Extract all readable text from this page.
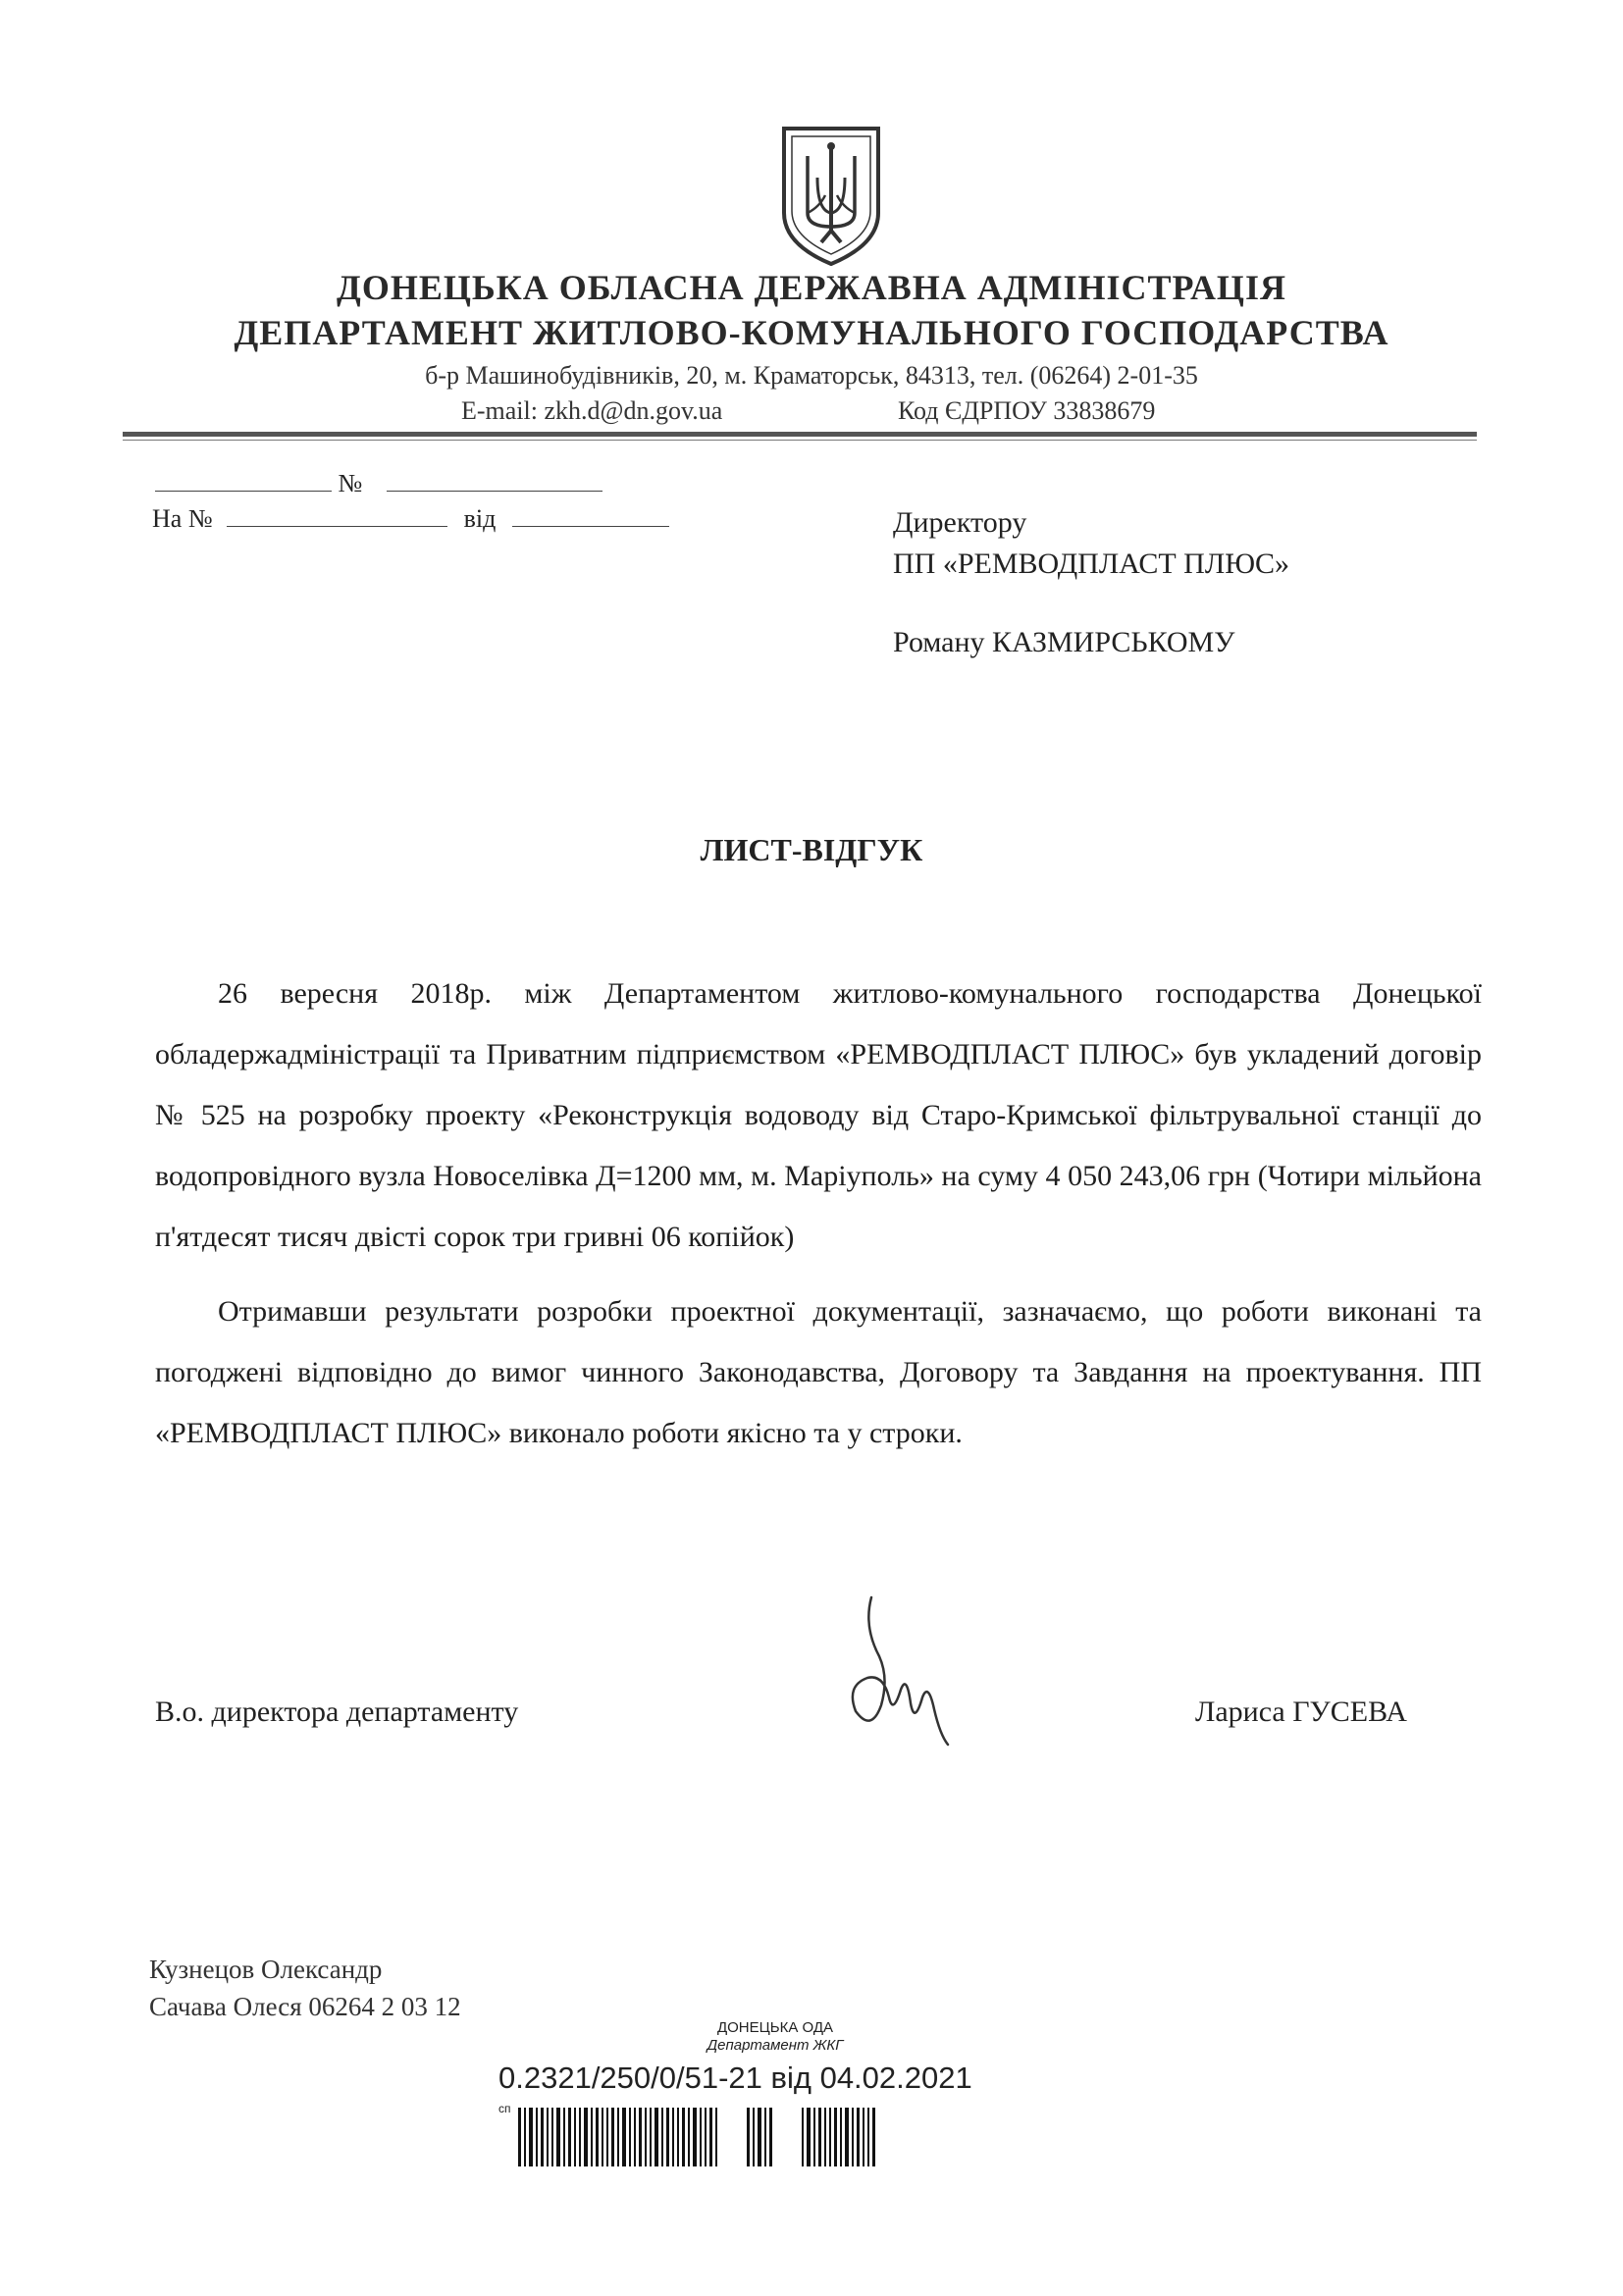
ДОНЕЦЬКА ОБЛАСНА ДЕРЖАВНА АДМІНІСТРАЦІЯ
ДЕПАРТАМЕНТ ЖИТЛОВО-КОМУНАЛЬНОГО ГОСПОДАРСТВА
б-р Машинобудівників, 20, м. Краматорськ, 84313, тел. (06264) 2-01-35
E-mail: zkh.d@dn.gov.ua	Код ЄДРПОУ 33838679
№
На №	від	Директору
ПП «РЕМВОДПЛАСТ ПЛЮС»
Роману КАЗМИРСЬКОМУ
ЛИСТ-ВІДГУК
26 вересня 2018р. між Департаментом житлово-комунального господарства Донецької обладержадміністрації та Приватним підприємством «РЕМВОДПЛАСТ ПЛЮС» був укладений договір № 525 на розробку проекту «Реконструкція водоводу від Старо-Кримської фільтрувальної станції до водопровідного вузла Новоселівка Д=1200 мм, м. Маріуполь» на суму 4 050 243,06 грн (Чотири мільйона п'ятдесят тисяч двісті сорок три гривні 06 копійок)
Отримавши результати розробки проектної документації, зазначаємо, що роботи виконані та погоджені відповідно до вимог чинного Законодавства, Договору та Завдання на проектування. ПП «РЕМВОДПЛАСТ ПЛЮС» виконало роботи якісно та у строки.
В.о. директора департаменту	Лариса ГУСЕВА
Кузнецов Олександр
Сачава Олеся 06264 2 03 12
ДОНЕЦЬКА ОДА
Департамент ЖКГ
0.2321/250/0/51-21 від 04.02.2021
сп
